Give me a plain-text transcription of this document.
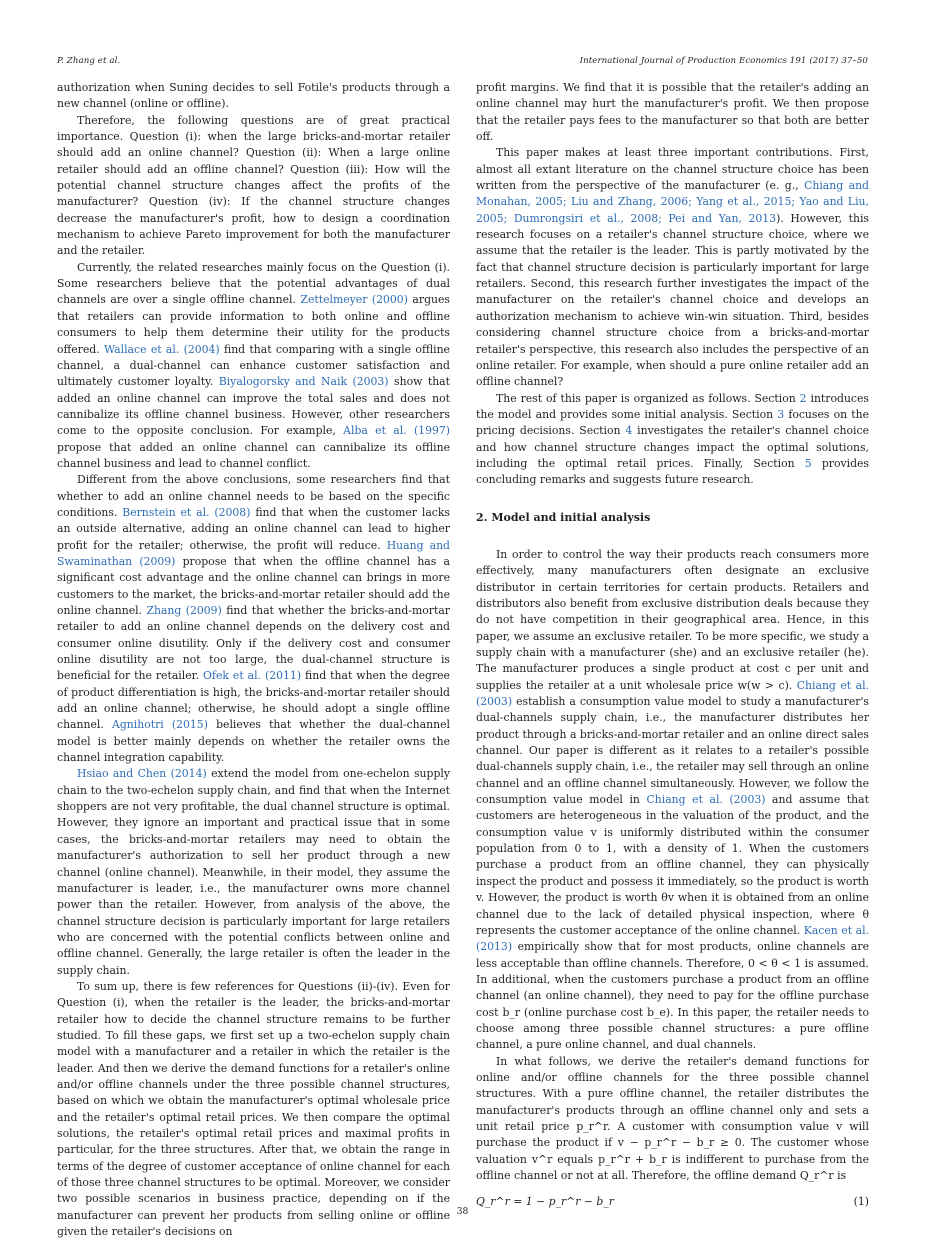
P. Zhang et al.	International Journal of Production Economics 191 (2017) 37–50

authorization when Suning decides to sell Fotile's products through a new channel (online or offline).

Therefore, the following questions are of great practical importance. Question (i): when the large bricks-and-mortar retailer should add an online channel? Question (ii): When a large online retailer should add an offline channel? Question (iii): How will the potential channel structure changes affect the profits of the manufacturer? Question (iv): If the channel structure changes decrease the manufacturer's profit, how to design a coordination mechanism to achieve Pareto improvement for both the manufacturer and the retailer.

Currently, the related researches mainly focus on the Question (i). Some researchers believe that the potential advantages of dual channels are over a single offline channel. Zettelmeyer (2000) argues that retailers can provide information to both online and offline consumers to help them determine their utility for the products offered. Wallace et al. (2004) find that comparing with a single offline channel, a dual-channel can enhance customer satisfaction and ultimately customer loyalty. Biyalogorsky and Naik (2003) show that added an online channel can improve the total sales and does not cannibalize its offline channel business. However, other researchers come to the opposite conclusion. For example, Alba et al. (1997) propose that added an online channel can cannibalize its offline channel business and lead to channel conflict.

Different from the above conclusions, some researchers find that whether to add an online channel needs to be based on the specific conditions. Bernstein et al. (2008) find that when the customer lacks an outside alternative, adding an online channel can lead to higher profit for the retailer; otherwise, the profit will reduce. Huang and Swaminathan (2009) propose that when the offline channel has a significant cost advantage and the online channel can brings in more customers to the market, the bricks-and-mortar retailer should add the online channel. Zhang (2009) find that whether the bricks-and-mortar retailer to add an online channel depends on the delivery cost and consumer online disutility. Only if the delivery cost and consumer online disutility are not too large, the dual-channel structure is beneficial for the retailer. Ofek et al. (2011) find that when the degree of product differentiation is high, the bricks-and-mortar retailer should add an online channel; otherwise, he should adopt a single offline channel. Agnihotri (2015) believes that whether the dual-channel model is better mainly depends on whether the retailer owns the channel integration capability.

Hsiao and Chen (2014) extend the model from one-echelon supply chain to the two-echelon supply chain, and find that when the Internet shoppers are not very profitable, the dual channel structure is optimal. However, they ignore an important and practical issue that in some cases, the bricks-and-mortar retailers may need to obtain the manufacturer's authorization to sell her product through a new channel (online channel). Meanwhile, in their model, they assume the manufacturer is leader, i.e., the manufacturer owns more channel power than the retailer. However, from analysis of the above, the channel structure decision is particularly important for large retailers who are concerned with the potential conflicts between online and offline channel. Generally, the large retailer is often the leader in the supply chain.

To sum up, there is few references for Questions (ii)-(iv). Even for Question (i), when the retailer is the leader, the bricks-and-mortar retailer how to decide the channel structure remains to be further studied. To fill these gaps, we first set up a two-echelon supply chain model with a manufacturer and a retailer in which the retailer is the leader. And then we derive the demand functions for a retailer's online and/or offline channels under the three possible channel structures, based on which we obtain the manufacturer's optimal wholesale price and the retailer's optimal retail prices. We then compare the optimal solutions, the retailer's optimal retail prices and maximal profits in particular, for the three structures. After that, we obtain the range in terms of the degree of customer acceptance of online channel for each of those three channel structures to be optimal. Moreover, we consider two possible scenarios in business practice, depending on if the manufacturer can prevent her products from selling online or offline given the retailer's decisions on

profit margins. We find that it is possible that the retailer's adding an online channel may hurt the manufacturer's profit. We then propose that the retailer pays fees to the manufacturer so that both are better off.

This paper makes at least three important contributions. First, almost all extant literature on the channel structure choice has been written from the perspective of the manufacturer (e. g., Chiang and Monahan, 2005; Liu and Zhang, 2006; Yang et al., 2015; Yao and Liu, 2005; Dumrongsiri et al., 2008; Pei and Yan, 2013). However, this research focuses on a retailer's channel structure choice, where we assume that the retailer is the leader. This is partly motivated by the fact that channel structure decision is particularly important for large retailers. Second, this research further investigates the impact of the manufacturer on the retailer's channel choice and develops an authorization mechanism to achieve win-win situation. Third, besides considering channel structure choice from a bricks-and-mortar retailer's perspective, this research also includes the perspective of an online retailer. For example, when should a pure online retailer add an offline channel?

The rest of this paper is organized as follows. Section 2 introduces the model and provides some initial analysis. Section 3 focuses on the pricing decisions. Section 4 investigates the retailer's channel choice and how channel structure changes impact the optimal solutions, including the optimal retail prices. Finally, Section 5 provides concluding remarks and suggests future research.

2. Model and initial analysis

In order to control the way their products reach consumers more effectively, many manufacturers often designate an exclusive distributor in certain territories for certain products. Retailers and distributors also benefit from exclusive distribution deals because they do not have competition in their geographical area. Hence, in this paper, we assume an exclusive retailer. To be more specific, we study a supply chain with a manufacturer (she) and an exclusive retailer (he). The manufacturer produces a single product at cost c per unit and supplies the retailer at a unit wholesale price w(w > c). Chiang et al. (2003) establish a consumption value model to study a manufacturer's dual-channels supply chain, i.e., the manufacturer distributes her product through a bricks-and-mortar retailer and an online direct sales channel. Our paper is different as it relates to a retailer's possible dual-channels supply chain, i.e., the retailer may sell through an online channel and an offline channel simultaneously. However, we follow the consumption value model in Chiang et al. (2003) and assume that customers are heterogeneous in the valuation of the product, and the consumption value v is uniformly distributed within the consumer population from 0 to 1, with a density of 1. When the customers purchase a product from an offline channel, they can physically inspect the product and possess it immediately, so the product is worth v. However, the product is worth θv when it is obtained from an online channel due to the lack of detailed physical inspection, where θ represents the customer acceptance of the online channel. Kacen et al. (2013) empirically show that for most products, online channels are less acceptable than offline channels. Therefore, 0 < θ < 1 is assumed. In additional, when the customers purchase a product from an offline channel (an online channel), they need to pay for the offline purchase cost b_r (online purchase cost b_e). In this paper, the retailer needs to choose among three possible channel structures: a pure offline channel, a pure online channel, and dual channels.

In what follows, we derive the retailer's demand functions for online and/or offline channels for the three possible channel structures. With a pure offline channel, the retailer distributes the manufacturer's products through an offline channel only and sets a unit retail price p_r^r. A customer with consumption value v will purchase the product if v − p_r^r − b_r ≥ 0. The customer whose valuation v^r equals p_r^r + b_r is indifferent to purchase from the offline channel or not at all. Therefore, the offline demand Q_r^r is

Q_r^r = 1 − p_r^r − b_r	(1)
38
